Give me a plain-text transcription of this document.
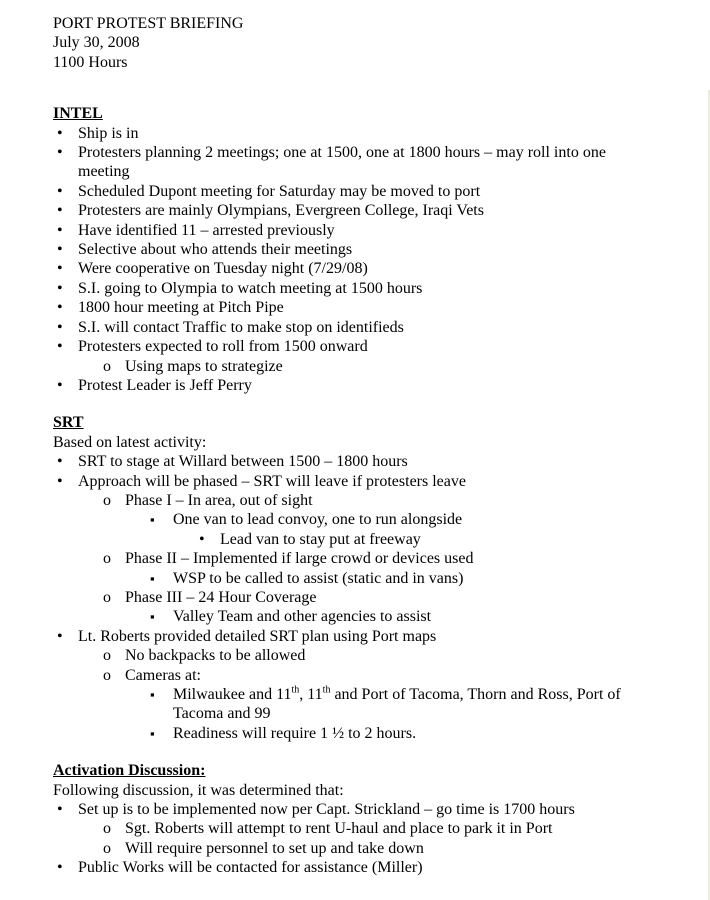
PORT PROTEST BRIEFING
July 30, 2008
1100 Hours
INTEL
• Ship is in
• Protesters planning 2 meetings; one at 1500, one at 1800 hours – may roll into one meeting
• Scheduled Dupont meeting for Saturday may be moved to port
• Protesters are mainly Olympians, Evergreen College, Iraqi Vets
• Have identified 11 – arrested previously
• Selective about who attends their meetings
• Were cooperative on Tuesday night (7/29/08)
• S.I. going to Olympia to watch meeting at 1500 hours
• 1800 hour meeting at Pitch Pipe
• S.I. will contact Traffic to make stop on identifieds
• Protesters expected to roll from 1500 onward
o Using maps to strategize
• Protest Leader is Jeff Perry
SRT
Based on latest activity:
• SRT to stage at Willard between 1500 – 1800 hours
• Approach will be phased – SRT will leave if protesters leave
o Phase I – In area, out of sight
▪ One van to lead convoy, one to run alongside
• Lead van to stay put at freeway
o Phase II – Implemented if large crowd or devices used
▪ WSP to be called to assist (static and in vans)
o Phase III – 24 Hour Coverage
▪ Valley Team and other agencies to assist
• Lt. Roberts provided detailed SRT plan using Port maps
o No backpacks to be allowed
o Cameras at:
▪ Milwaukee and 11th, 11th and Port of Tacoma, Thorn and Ross, Port of Tacoma and 99
▪ Readiness will require 1 ½ to 2 hours.
Activation Discussion:
Following discussion, it was determined that:
• Set up is to be implemented now per Capt. Strickland – go time is 1700 hours
o Sgt. Roberts will attempt to rent U-haul and place to park it in Port
o Will require personnel to set up and take down
• Public Works will be contacted for assistance (Miller)
